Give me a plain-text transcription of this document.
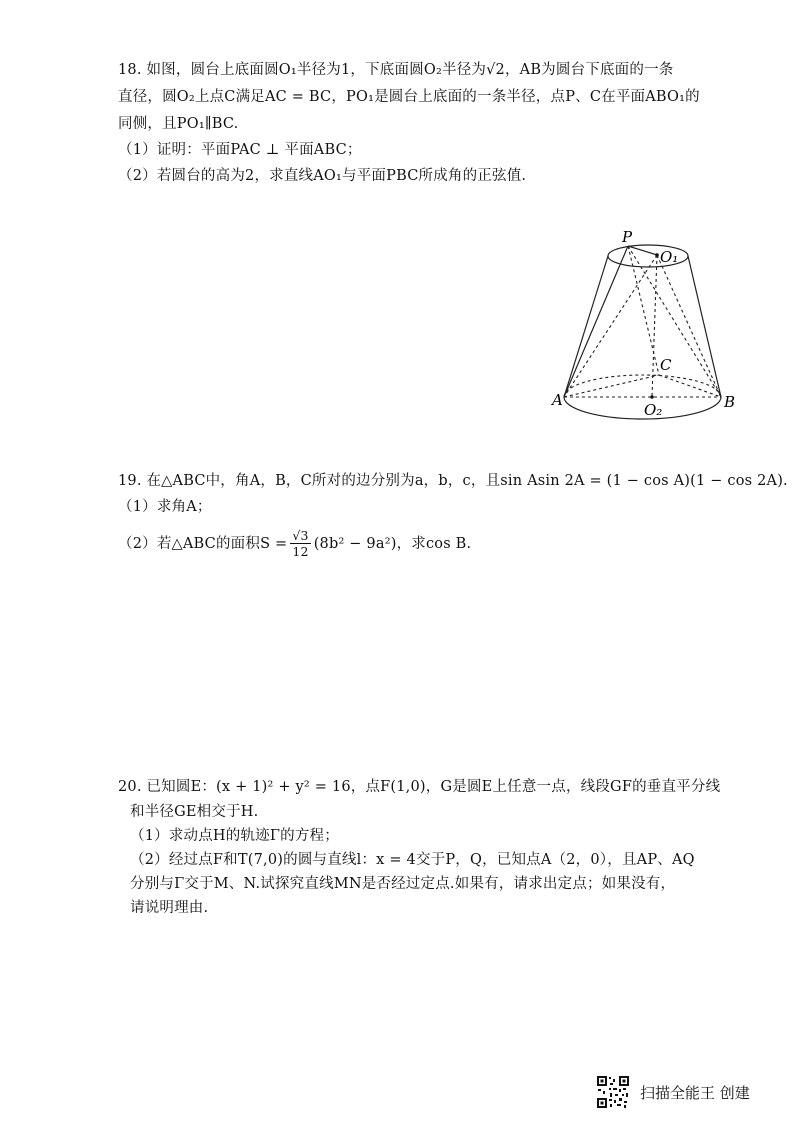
18. 如图，圆台上底面圆O₁半径为1，下底面圆O₂半径为√2，AB为圆台下底面的一条
直径，圆O₂上点C满足AC = BC，PO₁是圆台上底面的一条半径，点P、C在平面ABO₁的
同侧，且PO₁∥BC.
（1）证明：平面PAC ⊥ 平面ABC；
（2）若圆台的高为2，求直线AO₁与平面PBC所成角的正弦值.
P
O₁
C
A	B
O₂
19. 在△ABC中，角A，B，C所对的边分别为a，b，c，且sin Asin 2A = (1 − cos A)(1 − cos 2A).
（1）求角A；
（2）若△ABC的面积$S = \frac{√3}{12} (8b^2 - 9a^2)$，求cos B.
20. 已知圆E：(x + 1)² + y² = 16，点F(1,0)，G是圆E上任意一点，线段GF的垂直平分线
和半径GE相交于H.
（1）求动点H的轨迹Γ的方程；
（2）经过点F和T(7,0)的圆与直线l：x = 4交于P，Q，已知点A（2，0），且AP、AQ
分别与Γ交于M、N.试探究直线MN是否经过定点.如果有，请求出定点；如果没有，
请说明理由.
扫描全能王 创建
